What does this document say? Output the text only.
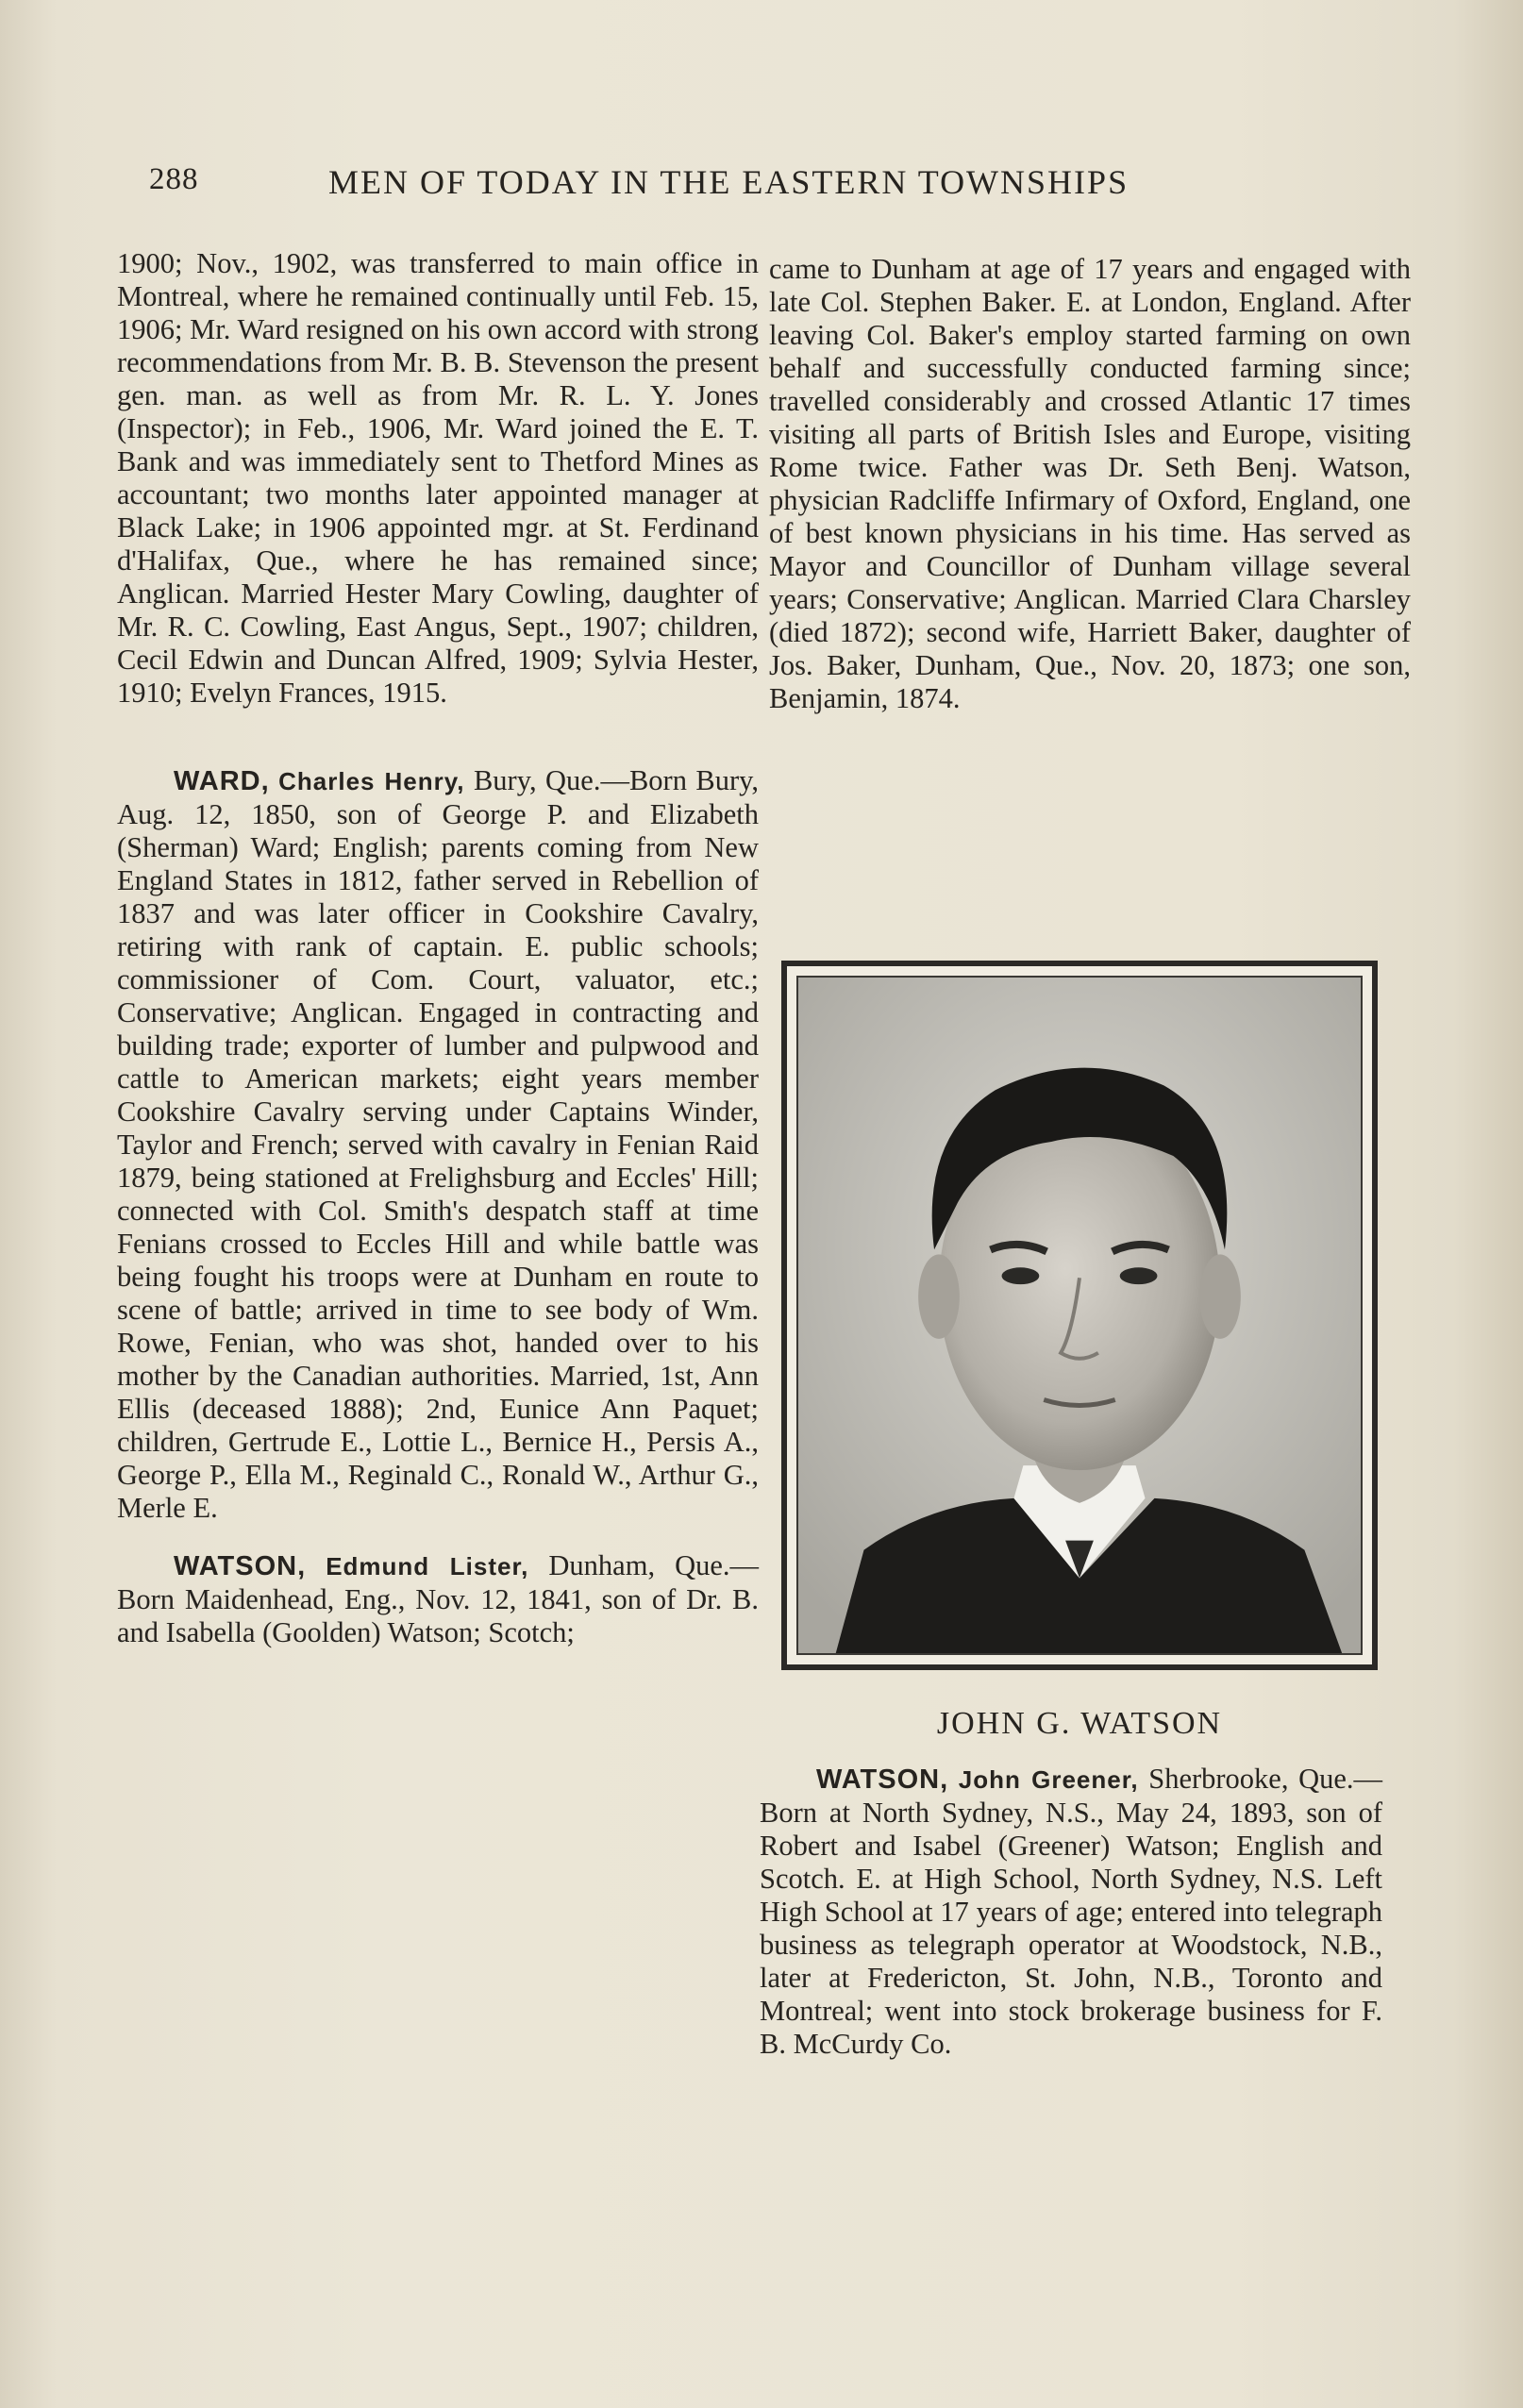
288	MEN OF TODAY IN THE EASTERN TOWNSHIPS

1900; Nov., 1902, was transferred to main office in Montreal, where he remained continually until Feb. 15, 1906; Mr. Ward resigned on his own accord with strong recommendations from Mr. B. B. Stevenson the present gen. man. as well as from Mr. R. L. Y. Jones (Inspector); in Feb., 1906, Mr. Ward joined the E. T. Bank and was immediately sent to Thetford Mines as accountant; two months later appointed manager at Black Lake; in 1906 appointed mgr. at St. Ferdinand d'Halifax, Que., where he has remained since; Anglican. Married Hester Mary Cowling, daughter of Mr. R. C. Cowling, East Angus, Sept., 1907; children, Cecil Edwin and Duncan Alfred, 1909; Sylvia Hester, 1910; Evelyn Frances, 1915.

WARD, Charles Henry, Bury, Que.—Born Bury, Aug. 12, 1850, son of George P. and Elizabeth (Sherman) Ward; English; parents coming from New England States in 1812, father served in Rebellion of 1837 and was later officer in Cookshire Cavalry, retiring with rank of captain. E. public schools; commissioner of Com. Court, valuator, etc.; Conservative; Anglican. Engaged in contracting and building trade; exporter of lumber and pulpwood and cattle to American markets; eight years member Cookshire Cavalry serving under Captains Winder, Taylor and French; served with cavalry in Fenian Raid 1879, being stationed at Frelighsburg and Eccles' Hill; connected with Col. Smith's despatch staff at time Fenians crossed to Eccles Hill and while battle was being fought his troops were at Dunham en route to scene of battle; arrived in time to see body of Wm. Rowe, Fenian, who was shot, handed over to his mother by the Canadian authorities. Married, 1st, Ann Ellis (deceased 1888); 2nd, Eunice Ann Paquet; children, Gertrude E., Lottie L., Bernice H., Persis A., George P., Ella M., Reginald C., Ronald W., Arthur G., Merle E.

WATSON, Edmund Lister, Dunham, Que.—Born Maidenhead, Eng., Nov. 12, 1841, son of Dr. B. and Isabella (Goolden) Watson; Scotch;

came to Dunham at age of 17 years and engaged with late Col. Stephen Baker. E. at London, England. After leaving Col. Baker's employ started farming on own behalf and successfully conducted farming since; travelled considerably and crossed Atlantic 17 times visiting all parts of British Isles and Europe, visiting Rome twice. Father was Dr. Seth Benj. Watson, physician Radcliffe Infirmary of Oxford, England, one of best known physicians in his time. Has served as Mayor and Councillor of Dunham village several years; Conservative; Anglican. Married Clara Charsley (died 1872); second wife, Harriett Baker, daughter of Jos. Baker, Dunham, Que., Nov. 20, 1873; one son, Benjamin, 1874.

JOHN G. WATSON

WATSON, John Greener, Sherbrooke, Que.—Born at North Sydney, N.S., May 24, 1893, son of Robert and Isabel (Greener) Watson; English and Scotch. E. at High School, North Sydney, N.S. Left High School at 17 years of age; entered into telegraph business as telegraph operator at Woodstock, N.B., later at Fredericton, St. John, N.B., Toronto and Montreal; went into stock brokerage business for F. B. McCurdy Co.
